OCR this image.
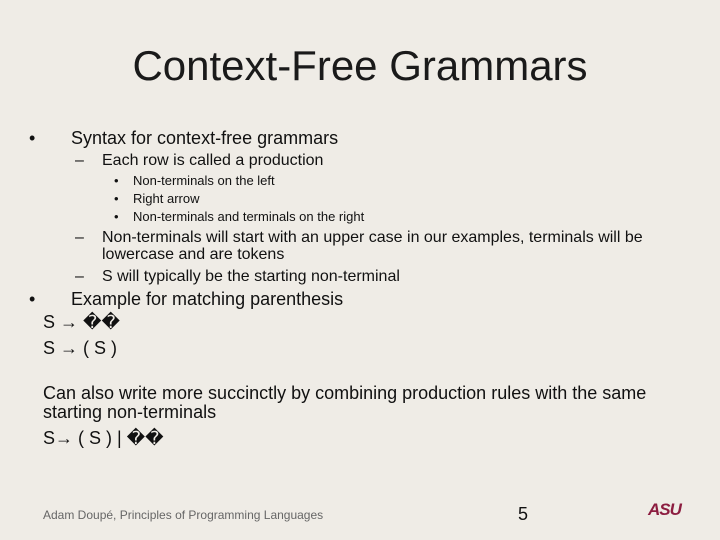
Context-Free Grammars
• Syntax for context-free grammars
– Each row is called a production
• Non-terminals on the left
• Right arrow
• Non-terminals and terminals on the right
– Non-terminals will start with an upper case in our examples, terminals will be lowercase and are tokens
– S will typically be the starting non-terminal
• Example for matching parenthesis
S → ��
S → ( S )
Can also write more succinctly by combining production rules with the same starting non-terminals
S→ ( S ) | ��
Adam Doupé, Principles of Programming Languages	5	ASU
